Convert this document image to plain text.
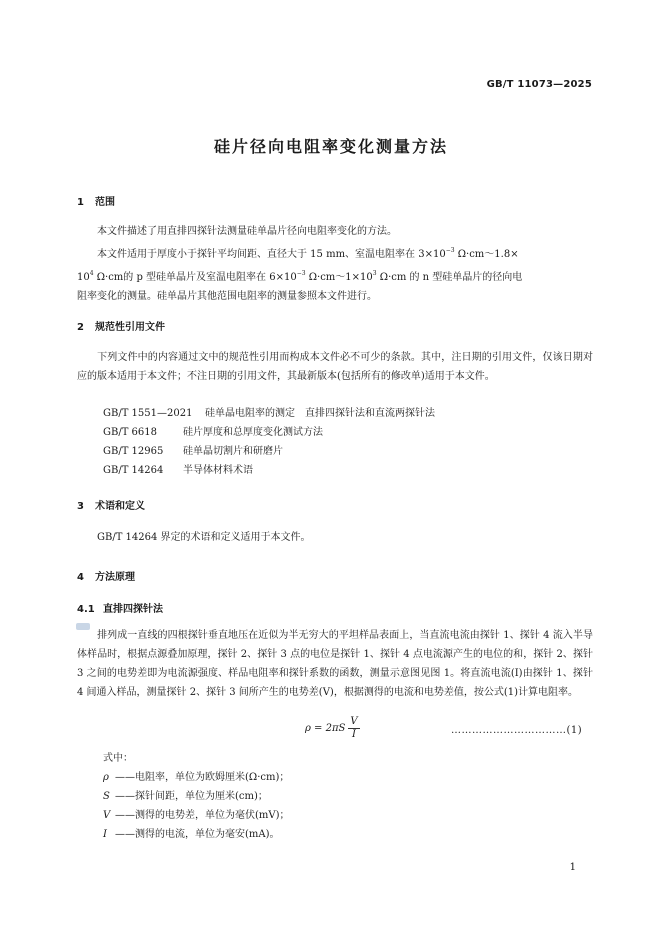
GB/T 11073—2025
硅片径向电阻率变化测量方法
1 范围
本文件描述了用直排四探针法测量硅单晶片径向电阻率变化的方法。
本文件适用于厚度小于探针平均间距、直径大于 15 mm、室温电阻率在 $3\times 10^{-3}$ Ω·cm～1.8×
$10^4$ Ω·cm的 p 型硅单晶片及室温电阻率在 $6\times 10^{-3}$ $\Omega\cdot cm\sim 1\times 10^3$ Ω·cm 的 n 型硅单晶片的径向电
阻率变化的测量。硅单晶片其他范围电阻率的测量参照本文件进行。
2 规范性引用文件
下列文件中的内容通过文中的规范性引用而构成本文件必不可少的条款。其中，注日期的引用文件，仅该日期对应的版本适用于本文件；不注日期的引用文件，其最新版本(包括所有的修改单)适用于本文件。
GB/T 1551—2021 硅单晶电阻率的测定　直排四探针法和直流两探针法
GB/T 6618	硅片厚度和总厚度变化测试方法
GB/T 12965 硅单晶切割片和研磨片
GB/T 14264 半导体材料术语
3 术语和定义
GB/T 14264 界定的术语和定义适用于本文件。
4 方法原理
4.1 直排四探针法
排列成一直线的四根探针垂直地压在近似为半无穷大的平坦样品表面上，当直流电流由探针 1、探针 4 流入半导体样品时，根据点源叠加原理，探针 2、探针 3 点的电位是探针 1、探针 4 点电流源产生的电位的和，探针 2、探针 3 之间的电势差即为电流源强度、样品电阻率和探针系数的函数，测量示意图见图 1。将直流电流(I)由探针 1、探针 4 间通入样品，测量探针 2、探针 3 间所产生的电势差(V)，根据测得的电流和电势差值，按公式(1)计算电阻率。
$\rho = 2\pi S \frac{V}{I}$	……………………………(1)
式中：
ρ ——电阻率，单位为欧姆厘米(Ω·cm)；
S ——探针间距，单位为厘米(cm)；
V ——测得的电势差，单位为毫伏(mV)；
I ——测得的电流，单位为毫安(mA)。
1
